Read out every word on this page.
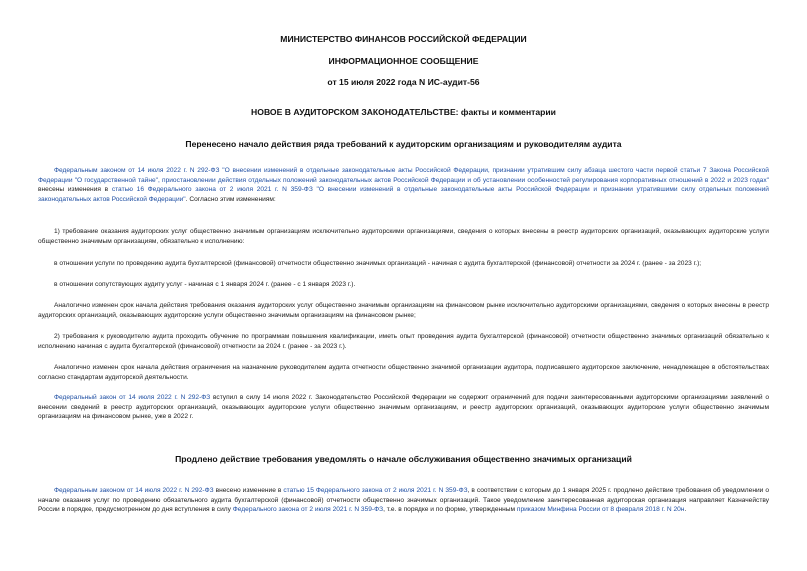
МИНИСТЕРСТВО ФИНАНСОВ РОССИЙСКОЙ ФЕДЕРАЦИИ
ИНФОРМАЦИОННОЕ СООБЩЕНИЕ
от 15 июля 2022 года N ИС-аудит-56
НОВОЕ В АУДИТОРСКОМ ЗАКОНОДАТЕЛЬСТВЕ: факты и комментарии
Перенесено начало действия ряда требований к аудиторским организациям и руководителям аудита
Федеральным законом от 14 июля 2022 г. N 292-ФЗ "О внесении изменений в отдельные законодательные акты Российской Федерации, признании утратившим силу абзаца шестого части первой статьи 7 Закона Российской Федерации "О государственной тайне", приостановлении действия отдельных положений законодательных актов Российской Федерации и об установлении особенностей регулирования корпоративных отношений в 2022 и 2023 годах" внесены изменения в статью 16 Федерального закона от 2 июля 2021 г. N 359-ФЗ "О внесении изменений в отдельные законодательные акты Российской Федерации и признании утратившими силу отдельных положений законодательных актов Российской Федерации". Согласно этим изменениям:
1) требование оказания аудиторских услуг общественно значимым организациям исключительно аудиторскими организациями, сведения о которых внесены в реестр аудиторских организаций, оказывающих аудиторские услуги общественно значимым организациям, обязательно к исполнению:
в отношении услуги по проведению аудита бухгалтерской (финансовой) отчетности общественно значимых организаций - начиная с аудита бухгалтерской (финансовой) отчетности за 2024 г. (ранее - за 2023 г.);
в отношении сопутствующих аудиту услуг - начиная с 1 января 2024 г. (ранее - с 1 января 2023 г.).
Аналогично изменен срок начала действия требования оказания аудиторских услуг общественно значимым организациям на финансовом рынке исключительно аудиторскими организациями, сведения о которых внесены в реестр аудиторских организаций, оказывающих аудиторские услуги общественно значимым организациям на финансовом рынке;
2) требования к руководителю аудита проходить обучение по программам повышения квалификации, иметь опыт проведения аудита бухгалтерской (финансовой) отчетности общественно значимых организаций обязательно к исполнению начиная с аудита бухгалтерской (финансовой) отчетности за 2024 г. (ранее - за 2023 г.).
Аналогично изменен срок начала действия ограничения на назначение руководителем аудита отчетности общественно значимой организации аудитора, подписавшего аудиторское заключение, ненадлежащее в обстоятельствах согласно стандартам аудиторской деятельности.
Федеральный закон от 14 июля 2022 г. N 292-ФЗ вступил в силу 14 июля 2022 г. Законодательство Российской Федерации не содержит ограничений для подачи заинтересованными аудиторскими организациями заявлений о внесении сведений в реестр аудиторских организаций, оказывающих аудиторские услуги общественно значимым организациям, и реестр аудиторских организаций, оказывающих аудиторские услуги общественно значимым организациям на финансовом рынке, уже в 2022 г.
Продлено действие требования уведомлять о начале обслуживания общественно значимых организаций
Федеральным законом от 14 июля 2022 г. N 292-ФЗ внесено изменение в статью 15 Федерального закона от 2 июля 2021 г. N 359-ФЗ, в соответствии с которым до 1 января 2025 г. продлено действие требования об уведомлении о начале оказания услуг по проведению обязательного аудита бухгалтерской (финансовой) отчетности общественно значимых организаций. Такое уведомление заинтересованная аудиторская организация направляет Казначейству России в порядке, предусмотренном до дня вступления в силу Федерального закона от 2 июля 2021 г. N 359-ФЗ, т.е. в порядке и по форме, утвержденным приказом Минфина России от 8 февраля 2018 г. N 20н.
